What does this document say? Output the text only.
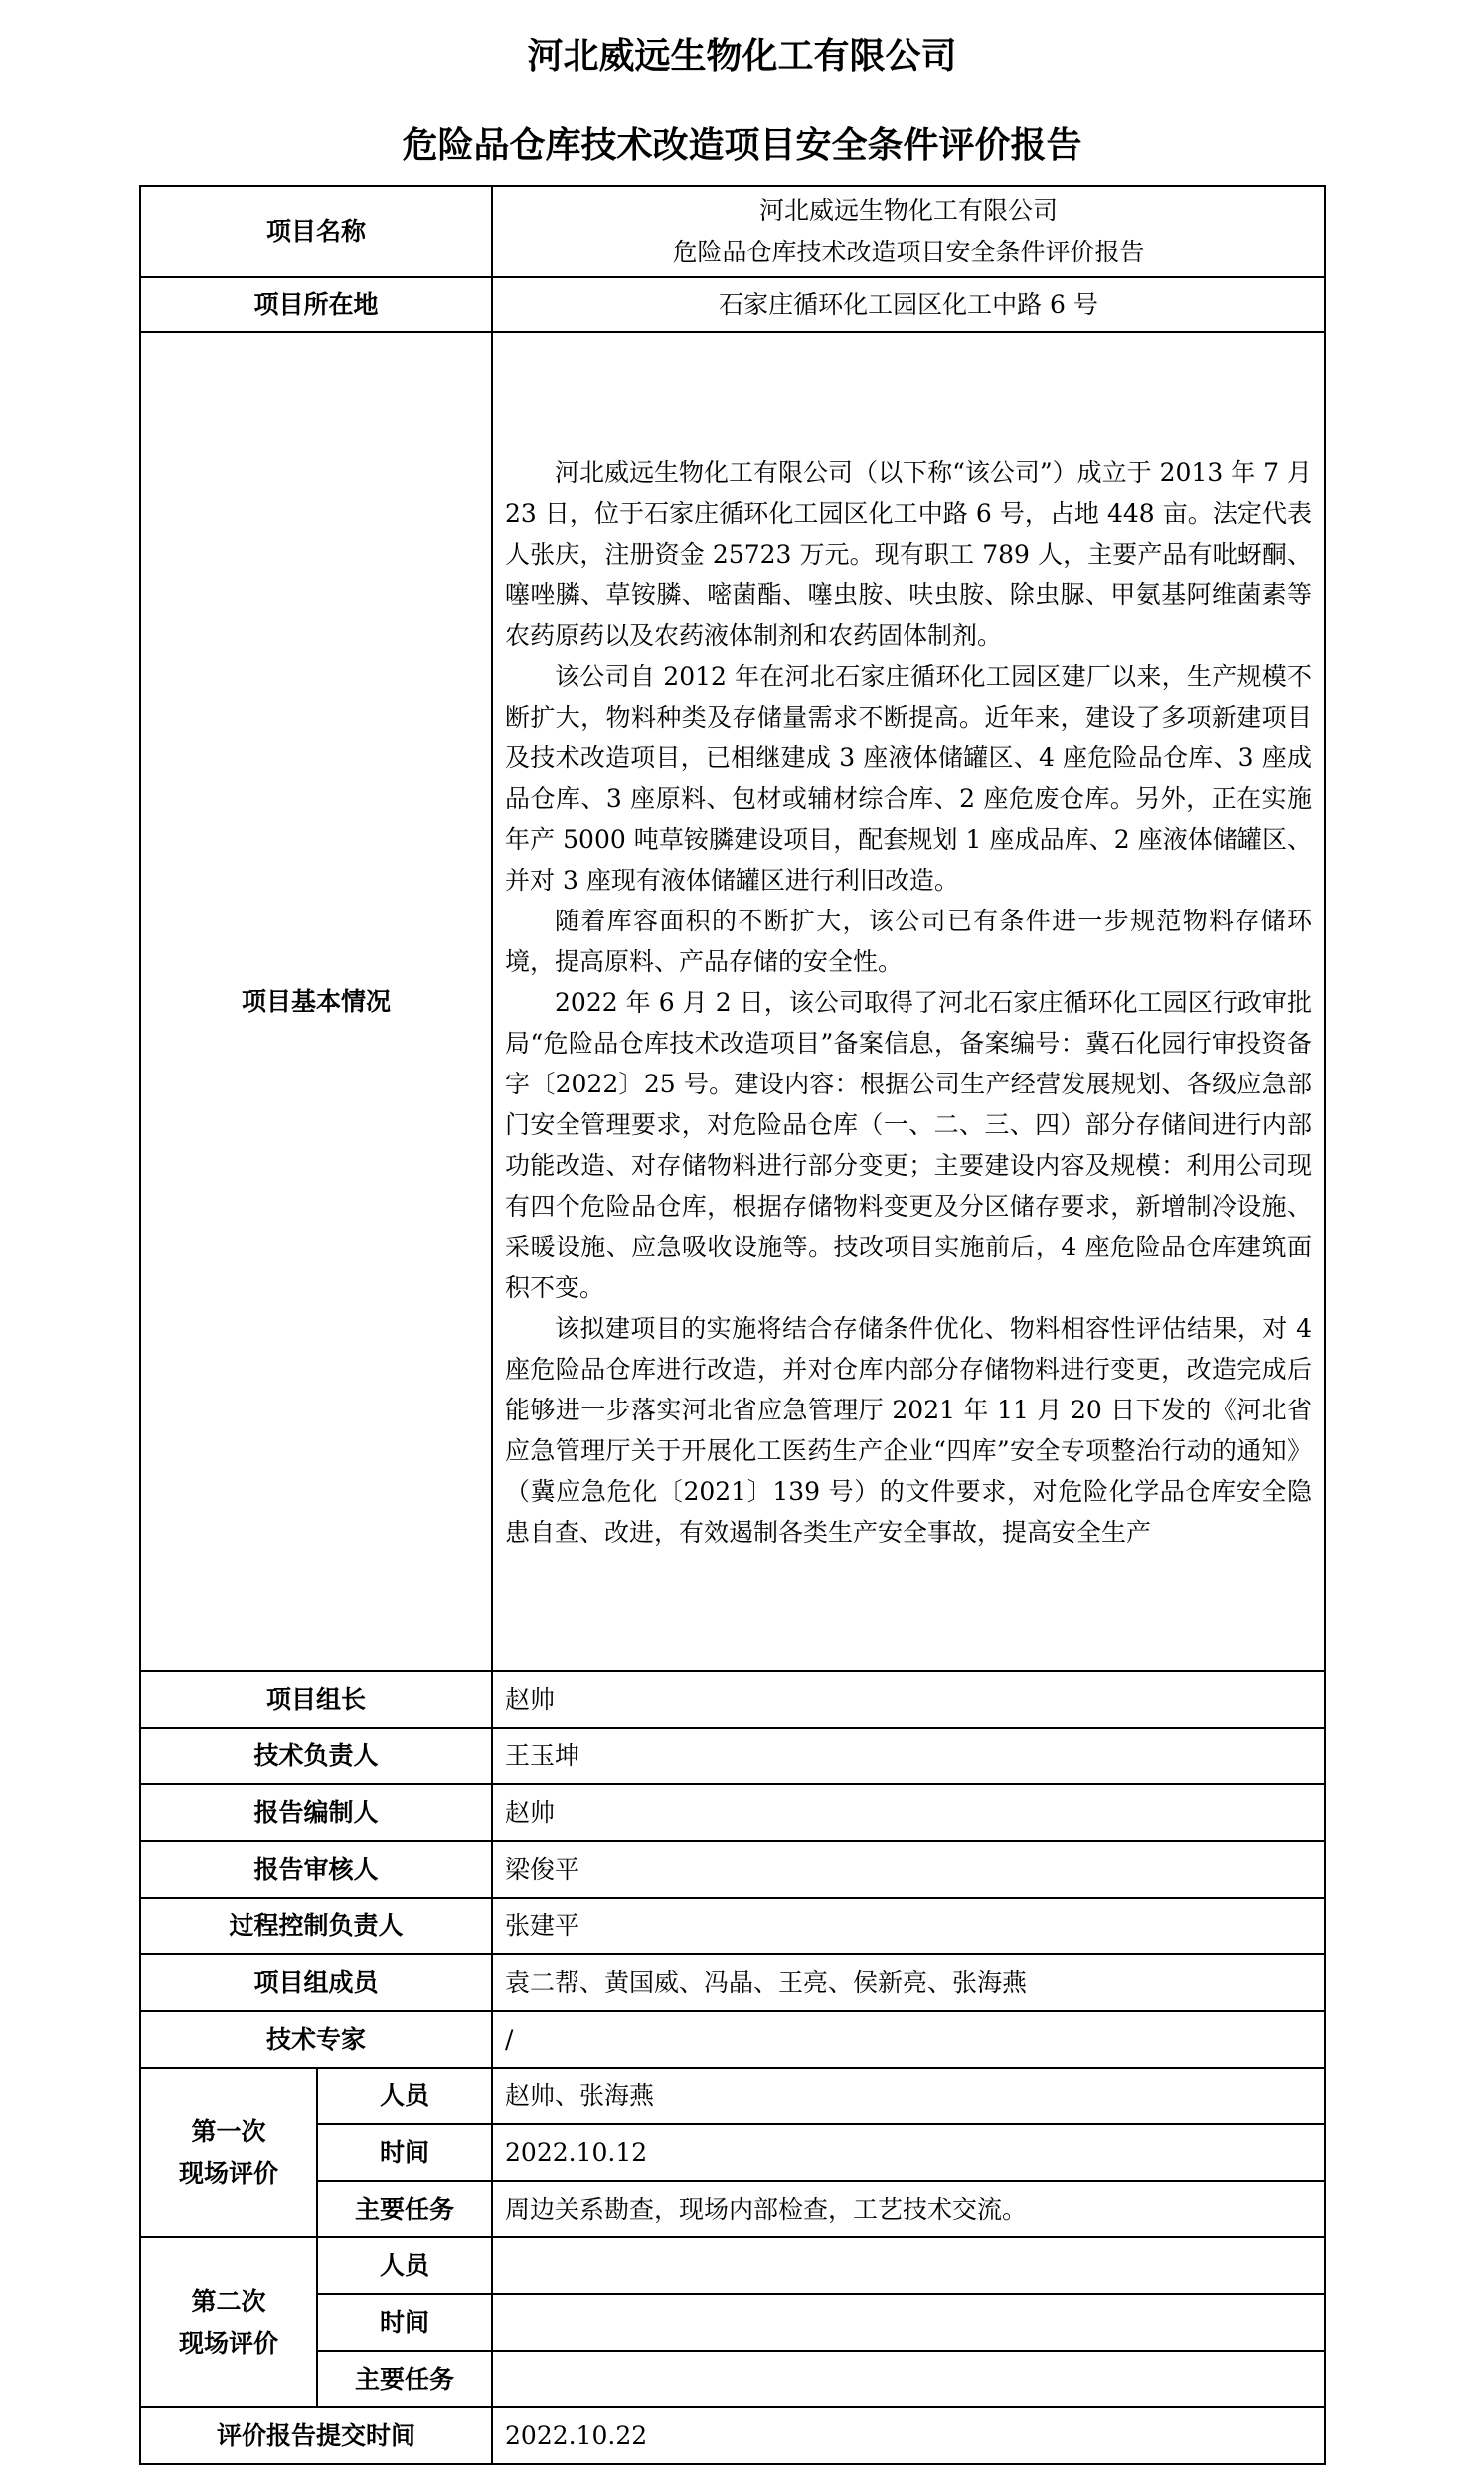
河北威远生物化工有限公司
危险品仓库技术改造项目安全条件评价报告
项目名称		河北威远生物化工有限公司
危险品仓库技术改造项目安全条件评价报告

项目所在地		石家庄循环化工园区化工中路 6 号
项目基本情况		河北威远生物化工有限公司（以下称“该公司”）成立于 2013 年 7 月 23 日，位于石家庄循环化工园区化工中路 6 号，占地 448 亩。法定代表人张庆，注册资金 25723 万元。现有职工 789 人，主要产品有吡蚜酮、噻唑膦、草铵膦、嘧菌酯、噻虫胺、呋虫胺、除虫脲、甲氨基阿维菌素等农药原药以及农药液体制剂和农药固体制剂。

该公司自 2012 年在河北石家庄循环化工园区建厂以来，生产规模不断扩大，物料种类及存储量需求不断提高。近年来，建设了多项新建项目及技术改造项目，已相继建成 3 座液体储罐区、4 座危险品仓库、3 座成品仓库、3 座原料、包材或辅材综合库、2 座危废仓库。另外，正在实施年产 5000 吨草铵膦建设项目，配套规划 1 座成品库、2 座液体储罐区、并对 3 座现有液体储罐区进行利旧改造。

随着库容面积的不断扩大，该公司已有条件进一步规范物料存储环境，提高原料、产品存储的安全性。

2022 年 6 月 2 日，该公司取得了河北石家庄循环化工园区行政审批局“危险品仓库技术改造项目”备案信息，备案编号：冀石化园行审投资备字〔2022〕25 号。建设内容：根据公司生产经营发展规划、各级应急部门安全管理要求，对危险品仓库（一、二、三、四）部分存储间进行内部功能改造、对存储物料进行部分变更；主要建设内容及规模：利用公司现有四个危险品仓库，根据存储物料变更及分区储存要求，新增制冷设施、采暖设施、应急吸收设施等。技改项目实施前后，4 座危险品仓库建筑面积不变。

该拟建项目的实施将结合存储条件优化、物料相容性评估结果，对 4 座危险品仓库进行改造，并对仓库内部分存储物料进行变更，改造完成后能够进一步落实河北省应急管理厅 2021 年 11 月 20 日下发的《河北省应急管理厅关于开展化工医药生产企业“四库”安全专项整治行动的通知》（冀应急危化〔2021〕139 号）的文件要求，对危险化学品仓库安全隐患自查、改进，有效遏制各类生产安全事故，提高安全生产

项目组长		赵帅
技术负责人		王玉坤
报告编制人		赵帅
报告审核人		梁俊平
过程控制负责人		张建平
项目组成员		袁二帮、黄国威、冯晶、王亮、侯新亮、张海燕
技术专家		/

第一次
现场评价	人员	赵帅、张海燕
	时间	2022.10.12
	主要任务	周边关系勘查，现场内部检查，工艺技术交流。

第二次
现场评价	人员	
	时间	
	主要任务	
评价报告提交时间		2022.10.22
